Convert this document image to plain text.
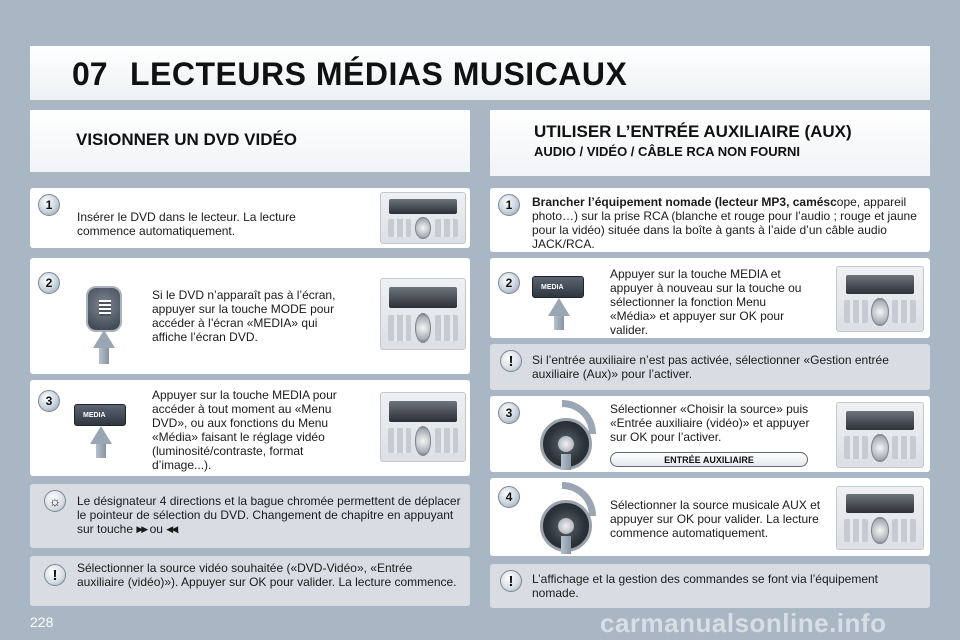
07 LECTEURS MÉDIAS MUSICAUX
VISIONNER UN DVD VIDÉO
1
Insérer le DVD dans le lecteur. La lecture commence automatiquement.
2
Si le DVD n’apparaît pas à l’écran, appuyer sur la touche MODE pour accéder à l’écran «MEDIA» qui affiche l’écran DVD.
3
MEDIA
Appuyer sur la touche MEDIA pour accéder à tout moment au «Menu DVD», ou aux fonctions du Menu «Média» faisant le réglage vidéo (luminosité/contraste, format d’image...).
☼	Le désignateur 4 directions et la bague chromée permettent de déplacer le pointeur de sélection du DVD. Changement de chapitre en appuyant sur touche ▶▶ ou ◀◀.
!	Sélectionner la source vidéo souhaitée («DVD-Vidéo», «Entrée auxiliaire (vidéo)»). Appuyer sur OK pour valider. La lecture commence.
UTILISER L’ENTRÉE AUXILIAIRE (AUX)
AUDIO / VIDÉO / CÂBLE RCA NON FOURNI
1	Brancher l’équipement nomade (lecteur MP3, caméscope, appareil photo…) sur la prise RCA (blanche et rouge pour l’audio ; rouge et jaune pour la vidéo) située dans la boîte à gants à l’aide d’un câble audio JACK/RCA.
2	MEDIA
Appuyer sur la touche MEDIA et appuyer à nouveau sur la touche ou sélectionner la fonction Menu «Média» et appuyer sur OK pour valider.
!	Si l’entrée auxiliaire n’est pas activée, sélectionner «Gestion entrée auxiliaire (Aux)» pour l’activer.
3	Sélectionner «Choisir la source» puis «Entrée auxiliaire (vidéo)» et appuyer sur OK pour l’activer.
ENTRÉE AUXILIAIRE
4
Sélectionner la source musicale AUX et appuyer sur OK pour valider. La lecture commence automatiquement.
!	L’affichage et la gestion des commandes se font via l’équipement nomade.
228	carmanualsonline.info
